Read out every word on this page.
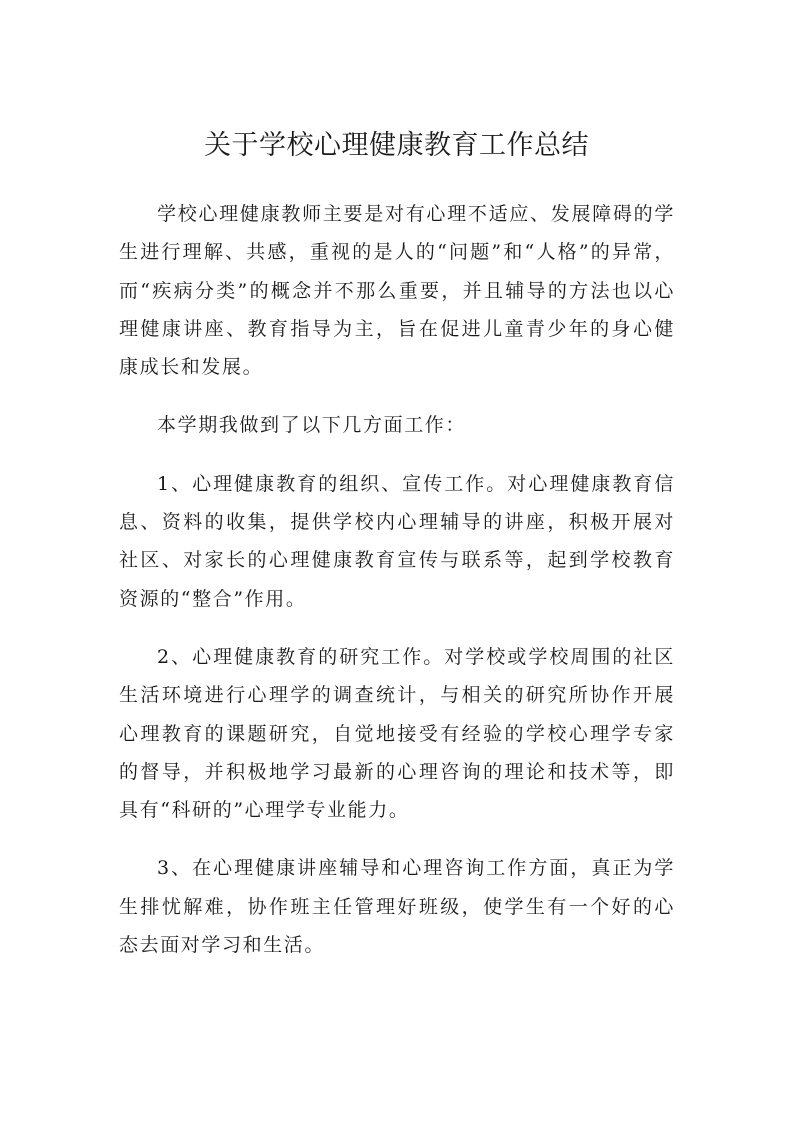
关于学校心理健康教育工作总结

学校心理健康教师主要是对有心理不适应、发展障碍的学生进行理解、共感，重视的是人的“问题”和“人格”的异常，而“疾病分类”的概念并不那么重要，并且辅导的方法也以心理健康讲座、教育指导为主，旨在促进儿童青少年的身心健康成长和发展。

本学期我做到了以下几方面工作：

1、心理健康教育的组织、宣传工作。对心理健康教育信息、资料的收集，提供学校内心理辅导的讲座，积极开展对社区、对家长的心理健康教育宣传与联系等，起到学校教育资源的“整合”作用。

2、心理健康教育的研究工作。对学校或学校周围的社区生活环境进行心理学的调查统计，与相关的研究所协作开展心理教育的课题研究，自觉地接受有经验的学校心理学专家的督导，并积极地学习最新的心理咨询的理论和技术等，即具有“科研的”心理学专业能力。

3、在心理健康讲座辅导和心理咨询工作方面，真正为学生排忧解难，协作班主任管理好班级，使学生有一个好的心态去面对学习和生活。
